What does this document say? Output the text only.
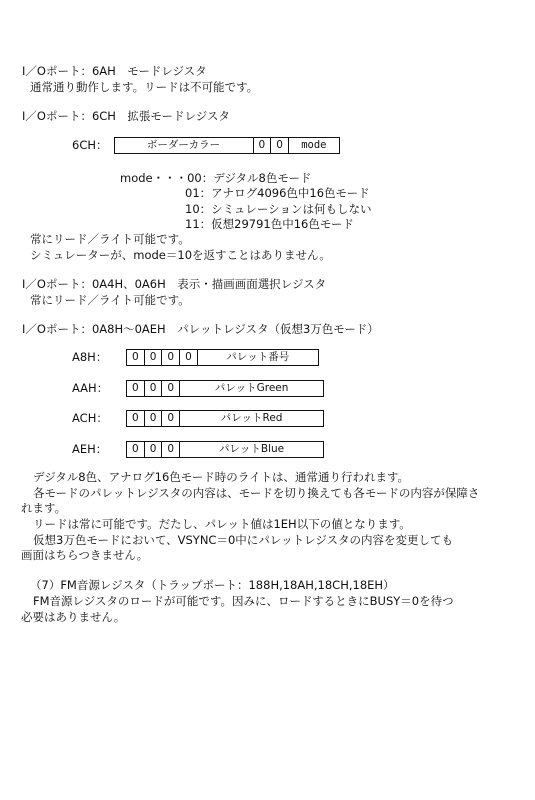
I／Oポート：6AH　モードレジスタ
通常通り動作します。リードは不可能です。
I／Oポート：6CH　拡張モードレジスタ
6CH：	ボーダーカラー	0	0	mode
mode・・・00：デジタル8色モード
01：アナログ4096色中16色モード
10：シミュレーションは何もしない
11：仮想29791色中16色モード
常にリード／ライト可能です。
シミュレーターが、mode＝10を返すことはありません。
I／Oポート：0A4H、0A6H　表示・描画画面選択レジスタ
常にリード／ライト可能です。
I／Oポート：0A8H～0AEH　パレットレジスタ（仮想3万色モード）
A8H：	0	0	0	0	パレット番号
AAH：	0	0	0	パレットGreen
ACH：	0	0	0	パレットRed
AEH：	0	0	0	パレットBlue
デジタル8色、アナログ16色モード時のライトは、通常通り行われます。
各モードのパレットレジスタの内容は、モードを切り換えても各モードの内容が保障さ
れます。
リードは常に可能です。だたし、パレット値は1EH以下の値となります。
仮想3万色モードにおいて、VSYNC＝0中にパレットレジスタの内容を変更しても
画面はちらつきません。
（7）FM音源レジスタ（トラップポート：188H,18AH,18CH,18EH）
FM音源レジスタのロードが可能です。因みに、ロードするときにBUSY＝0を待つ
必要はありません。
